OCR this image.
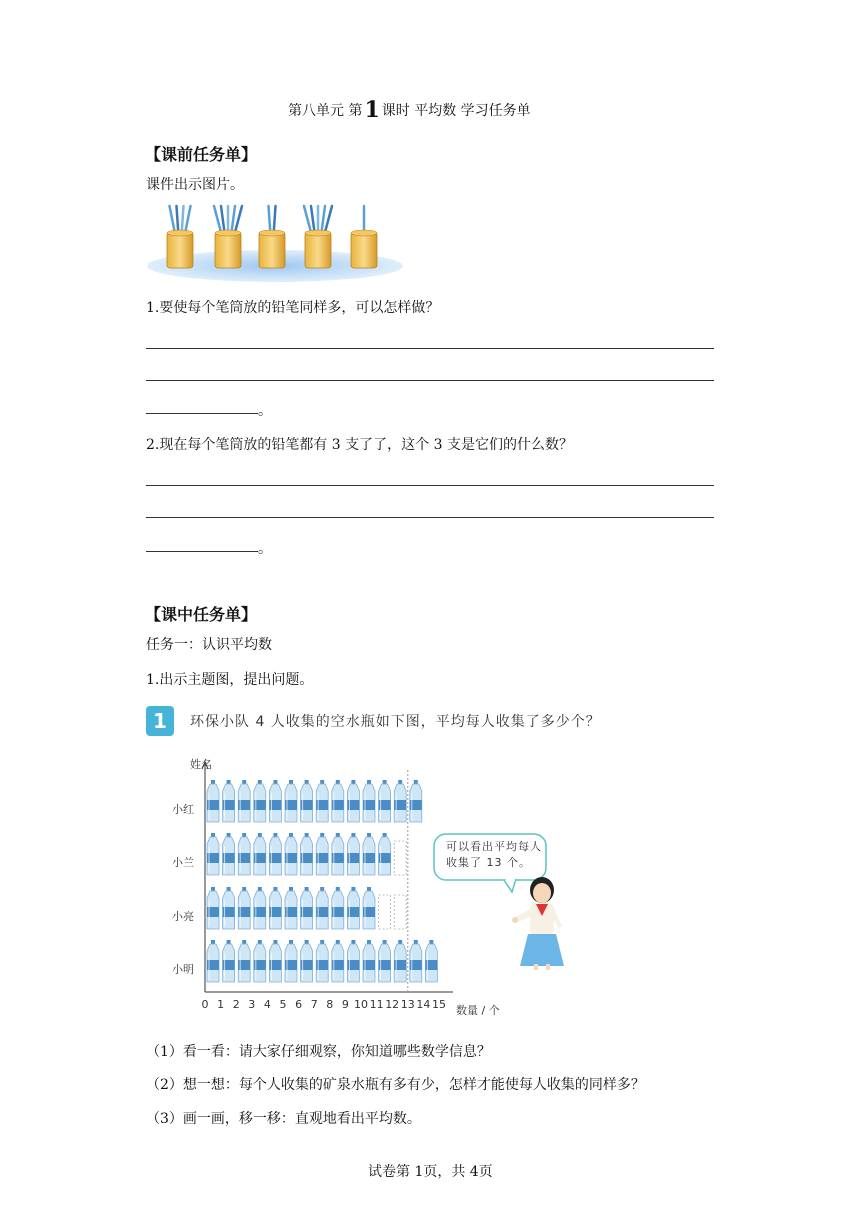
第八单元 第1 课时 平均数 学习任务单
【课前任务单】
课件出示图片。
1.要使每个笔筒放的铅笔同样多，可以怎样做？
。
2.现在每个笔筒放的铅笔都有 3 支了了，这个 3 支是它们的什么数？
。
【课中任务单】
任务一：认识平均数
1.出示主题图，提出问题。
1	环保小队 4 人收集的空水瓶如下图，平均每人收集了多少个？
姓名
小红
小兰
小亮
小明
0 1 2 3 4 5 6 7 8 9 10 11 12 13 14 15 数量 / 个
可以看出平均每人
收集了 13 个。
（1）看一看：请大家仔细观察，你知道哪些数学信息？
（2）想一想：每个人收集的矿泉水瓶有多有少，怎样才能使每人收集的同样多？
（3）画一画，移一移：直观地看出平均数。
试卷第 1页，共 4页
